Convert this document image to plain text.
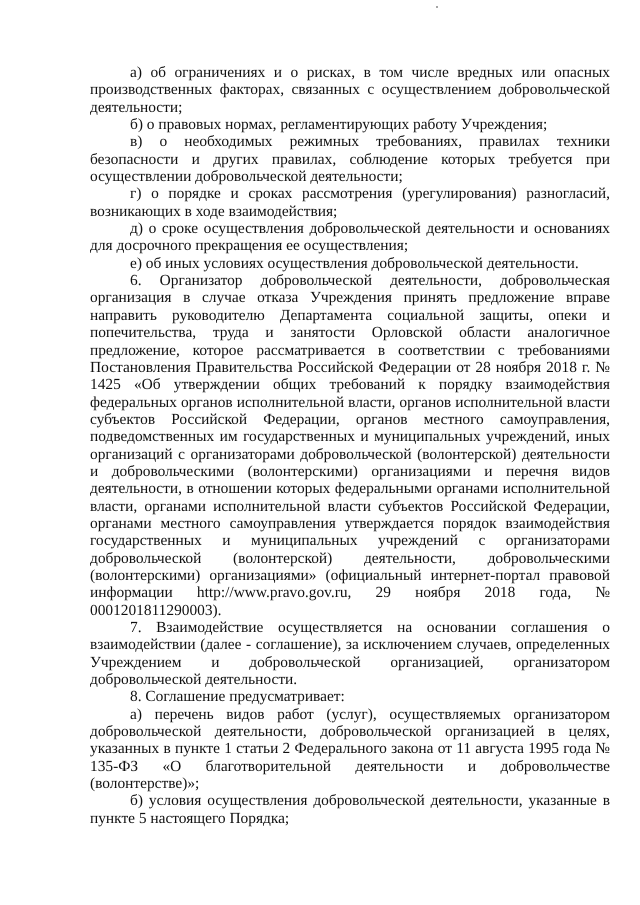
а) об ограничениях и о рисках, в том числе вредных или опасных производственных факторах, связанных с осуществлением добровольческой деятельности;

б) о правовых нормах, регламентирующих работу Учреждения;

в) о необходимых режимных требованиях, правилах техники безопасности и других правилах, соблюдение которых требуется при осуществлении добровольческой деятельности;

г) о порядке и сроках рассмотрения (урегулирования) разногласий, возникающих в ходе взаимодействия;

д) о сроке осуществления добровольческой деятельности и основаниях для досрочного прекращения ее осуществления;

е) об иных условиях осуществления добровольческой деятельности.

6. Организатор добровольческой деятельности, добровольческая организация в случае отказа Учреждения принять предложение вправе направить руководителю Департамента социальной защиты, опеки и попечительства, труда и занятости Орловской области аналогичное предложение, которое рассматривается в соответствии с требованиями Постановления Правительства Российской Федерации от 28 ноября 2018 г. № 1425 «Об утверждении общих требований к порядку взаимодействия федеральных органов исполнительной власти, органов исполнительной власти субъектов Российской Федерации, органов местного самоуправления, подведомственных им государственных и муниципальных учреждений, иных организаций с организаторами добровольческой (волонтерской) деятельности и добровольческими (волонтерскими) организациями и перечня видов деятельности, в отношении которых федеральными органами исполнительной власти, органами исполнительной власти субъектов Российской Федерации, органами местного самоуправления утверждается порядок взаимодействия государственных и муниципальных учреждений с организаторами добровольческой (волонтерской) деятельности, добровольческими (волонтерскими) организациями» (официальный интернет-портал правовой информации http://www.pravo.gov.ru, 29 ноября 2018 года, № 0001201811290003).

7. Взаимодействие осуществляется на основании соглашения о взаимодействии (далее - соглашение), за исключением случаев, определенных Учреждением и добровольческой организацией, организатором добровольческой деятельности.

8. Соглашение предусматривает:

а) перечень видов работ (услуг), осуществляемых организатором добровольческой деятельности, добровольческой организацией в целях, указанных в пункте 1 статьи 2 Федерального закона от 11 августа 1995 года № 135-ФЗ «О благотворительной деятельности и добровольчестве (волонтерстве)»;

б) условия осуществления добровольческой деятельности, указанные в пункте 5 настоящего Порядка;
